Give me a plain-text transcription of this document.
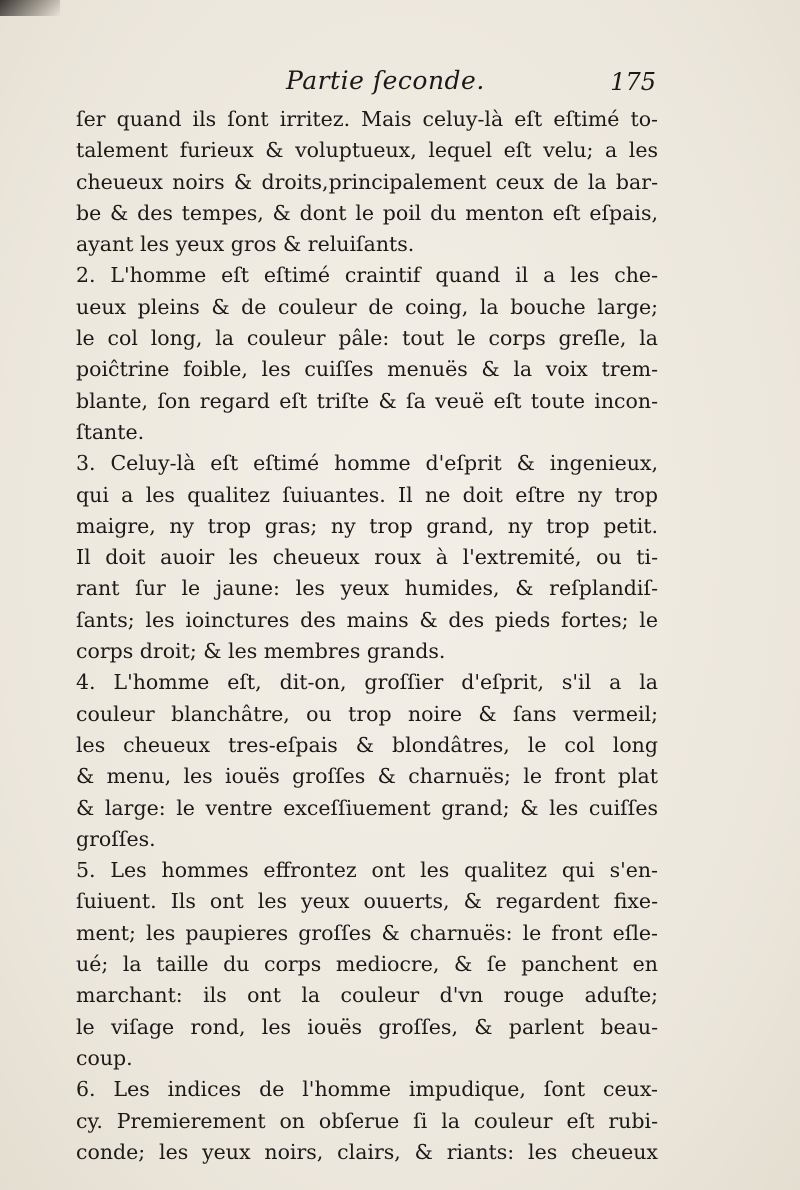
Partie ſeconde.	175
ſer quand ils ſont irritez. Mais celuy-là eſt eſtimé to-
talement furieux & voluptueux, lequel eſt velu; a les
cheueux noirs & droits,principalement ceux de la bar-
be & des tempes, & dont le poil du menton eſt eſpais,
ayant les yeux gros & reluiſants.
2. L'homme eſt eſtimé craintif quand il a les che-
ueux pleins & de couleur de coing, la bouche large;
le col long, la couleur pâle: tout le corps greſle, la
poiĉtrine foible, les cuiſſes menuës & la voix trem-
blante, ſon regard eſt triſte & ſa veuë eſt toute incon-
ſtante.
3. Celuy-là eſt eſtimé homme d'eſprit & ingenieux,
qui a les qualitez ſuiuantes. Il ne doit eſtre ny trop
maigre, ny trop gras; ny trop grand, ny trop petit.
Il doit auoir les cheueux roux à l'extremité, ou ti-
rant ſur le jaune: les yeux humides, & reſplandiſ-
ſants; les ioinctures des mains & des pieds fortes; le
corps droit; & les membres grands.
4. L'homme eſt, dit-on, groſſier d'eſprit, s'il a la
couleur blanchâtre, ou trop noire & ſans vermeil;
les cheueux tres-eſpais & blondâtres, le col long
& menu, les iouës groſſes & charnuës; le front plat
& large: le ventre exceſſiuement grand; & les cuiſſes
groſſes.
5. Les hommes effrontez ont les qualitez qui s'en-
ſuiuent. Ils ont les yeux ouuerts, & regardent fixe-
ment; les paupieres groſſes & charnuës: le front eſle-
ué; la taille du corps mediocre, & ſe panchent en
marchant: ils ont la couleur d'vn rouge aduſte;
le viſage rond, les iouës groſſes, & parlent beau-
coup.
6. Les indices de l'homme impudique, ſont ceux-
cy. Premierement on obſerue ſi la couleur eſt rubi-
conde; les yeux noirs, clairs, & riants: les cheueux
